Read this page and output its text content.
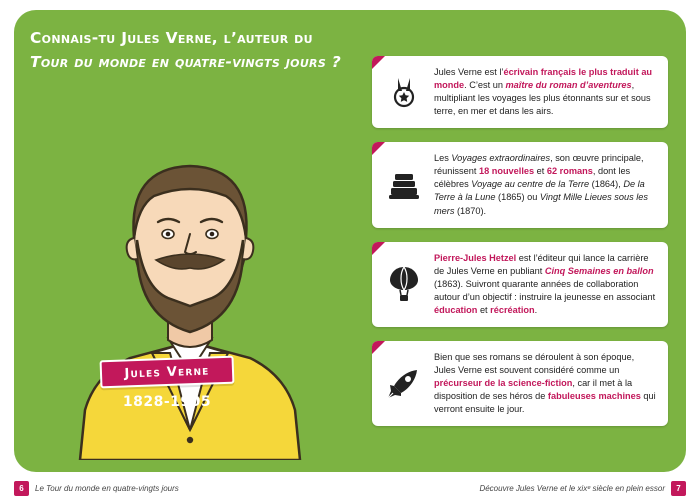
Connais-tu Jules Verne, l’auteur du
Tour du monde en quatre-vingts jours ?
Jules Verne
1828-1905
Jules Verne est l’écrivain français le plus traduit au monde. C’est un maître du roman d’aventures, multipliant les voyages les plus étonnants sur et sous terre, en mer et dans les airs.
Les Voyages extraordinaires, son œuvre principale, réunissent 18 nouvelles et 62 romans, dont les célèbres Voyage au centre de la Terre (1864), De la Terre à la Lune (1865) ou Vingt Mille Lieues sous les mers (1870).
Pierre-Jules Hetzel est l’éditeur qui lance la carrière de Jules Verne en publiant Cinq Semaines en ballon (1863). Suivront quarante années de collaboration autour d’un objectif : instruire la jeunesse en associant éducation et récréation.
Bien que ses romans se déroulent à son époque, Jules Verne est souvent considéré comme un précurseur de la science-fiction, car il met à la disposition de ses héros de fabuleuses machines qui verront ensuite le jour.
6	Le Tour du monde en quatre-vingts jours	Découvre Jules Verne et le xixᵉ siècle en plein essor	7
